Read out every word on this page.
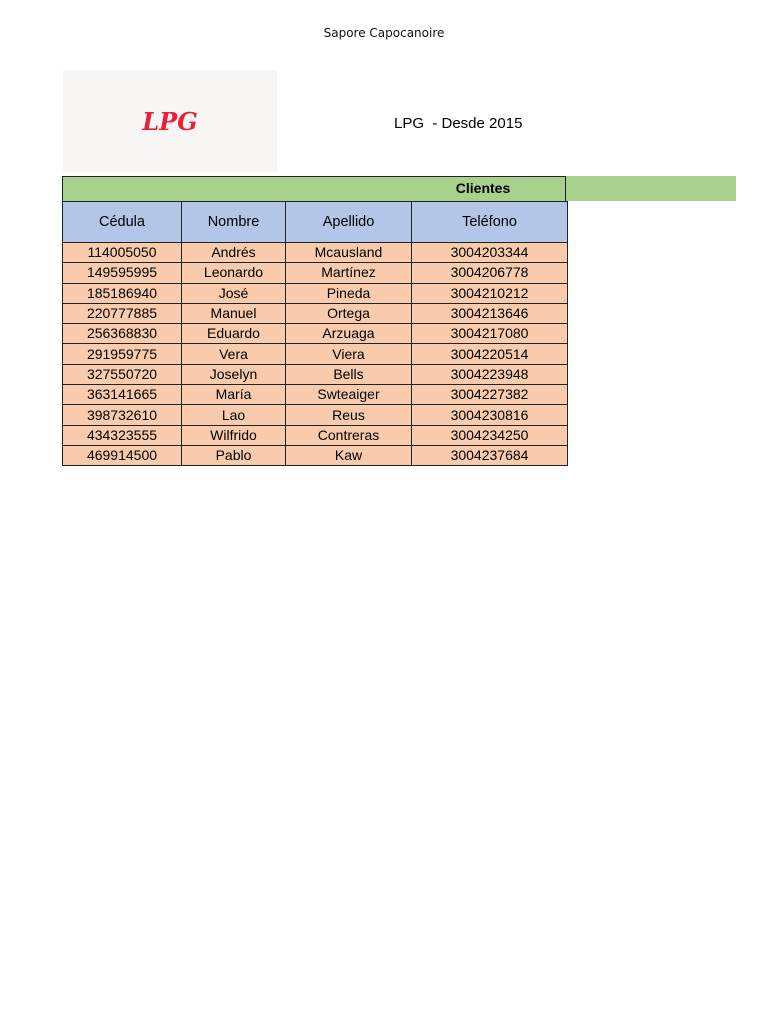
Sapore Capocanoire
LPG	LPG  - Desde 2015
Clientes
Cédula	Nombre	Apellido	Teléfono
114005050	Andrés	Mcausland	3004203344
149595995	Leonardo	Martínez	3004206778
185186940	José	Pineda	3004210212
220777885	Manuel	Ortega	3004213646
256368830	Eduardo	Arzuaga	3004217080
291959775	Vera	Viera	3004220514
327550720	Joselyn	Bells	3004223948
363141665	María	Swteaiger	3004227382
398732610	Lao	Reus	3004230816
434323555	Wilfrido	Contreras	3004234250
469914500	Pablo	Kaw	3004237684
